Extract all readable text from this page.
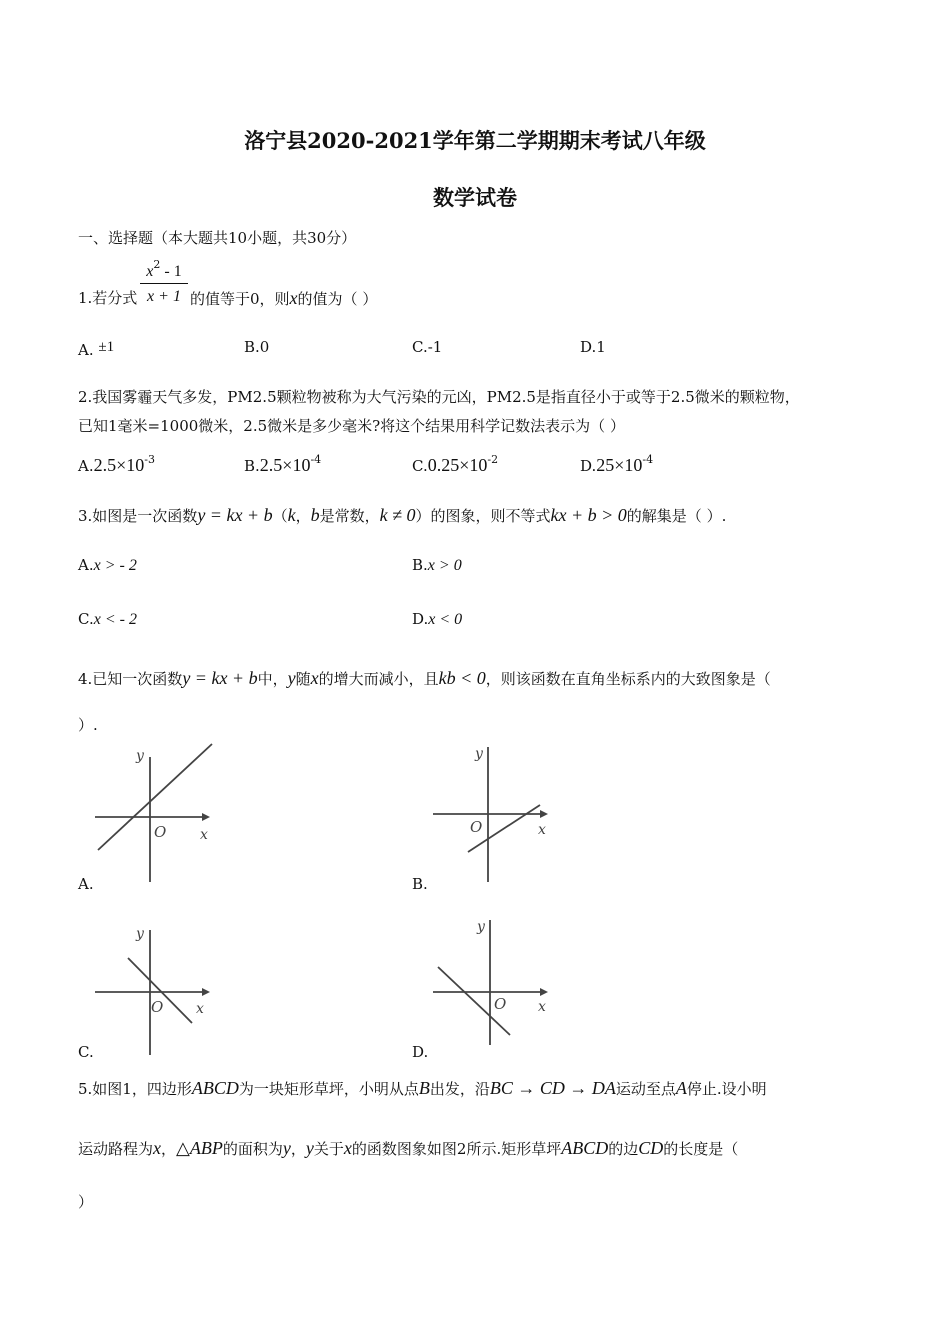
洛宁县2020-2021学年第二学期期末考试八年级
数学试卷
一、选择题（本大题共10小题，共30分）
$\frac{x^2 - 1}{x + 1}$
1.若分式	的值等于0，则x的值为（ ）
A. ±1	B.0	C.-1	D.1
2.我国雾霾天气多发，PM2.5颗粒物被称为大气污染的元凶，PM2.5是指直径小于或等于2.5微米的颗粒物，
已知1毫米=1000微米，2.5微米是多少毫米?将这个结果用科学记数法表示为（ ）
$A.2.5\times 10^{-3}$	$B.2.5\times 10^{-4}$	$C.0.25\times 10^{-2}$	$D.25\times 10^{-4}$
3.如图是一次函数y = kx + b（k，b是常数，k ≠ 0）的图象，则不等式kx + b > 0的解集是（ ）.
A.x > - 2	B.x > 0
C.x < - 2	D.x < 0
4.已知一次函数y = kx + b中，y随x的增大而减小，且kb < 0，则该函数在直角坐标系内的大致图象是（
）.
y
x
O
A.
y
x
O
B.
y
x
O
C.
y
x
O
D.
5.如图1，四边形ABCD为一块矩形草坪，小明从点B出发，沿BC → CD → DA运动至点A停止.设小明
运动路程为x，△ABP的面积为y，y关于x的函数图象如图2所示.矩形草坪ABCD的边CD的长度是（
）
